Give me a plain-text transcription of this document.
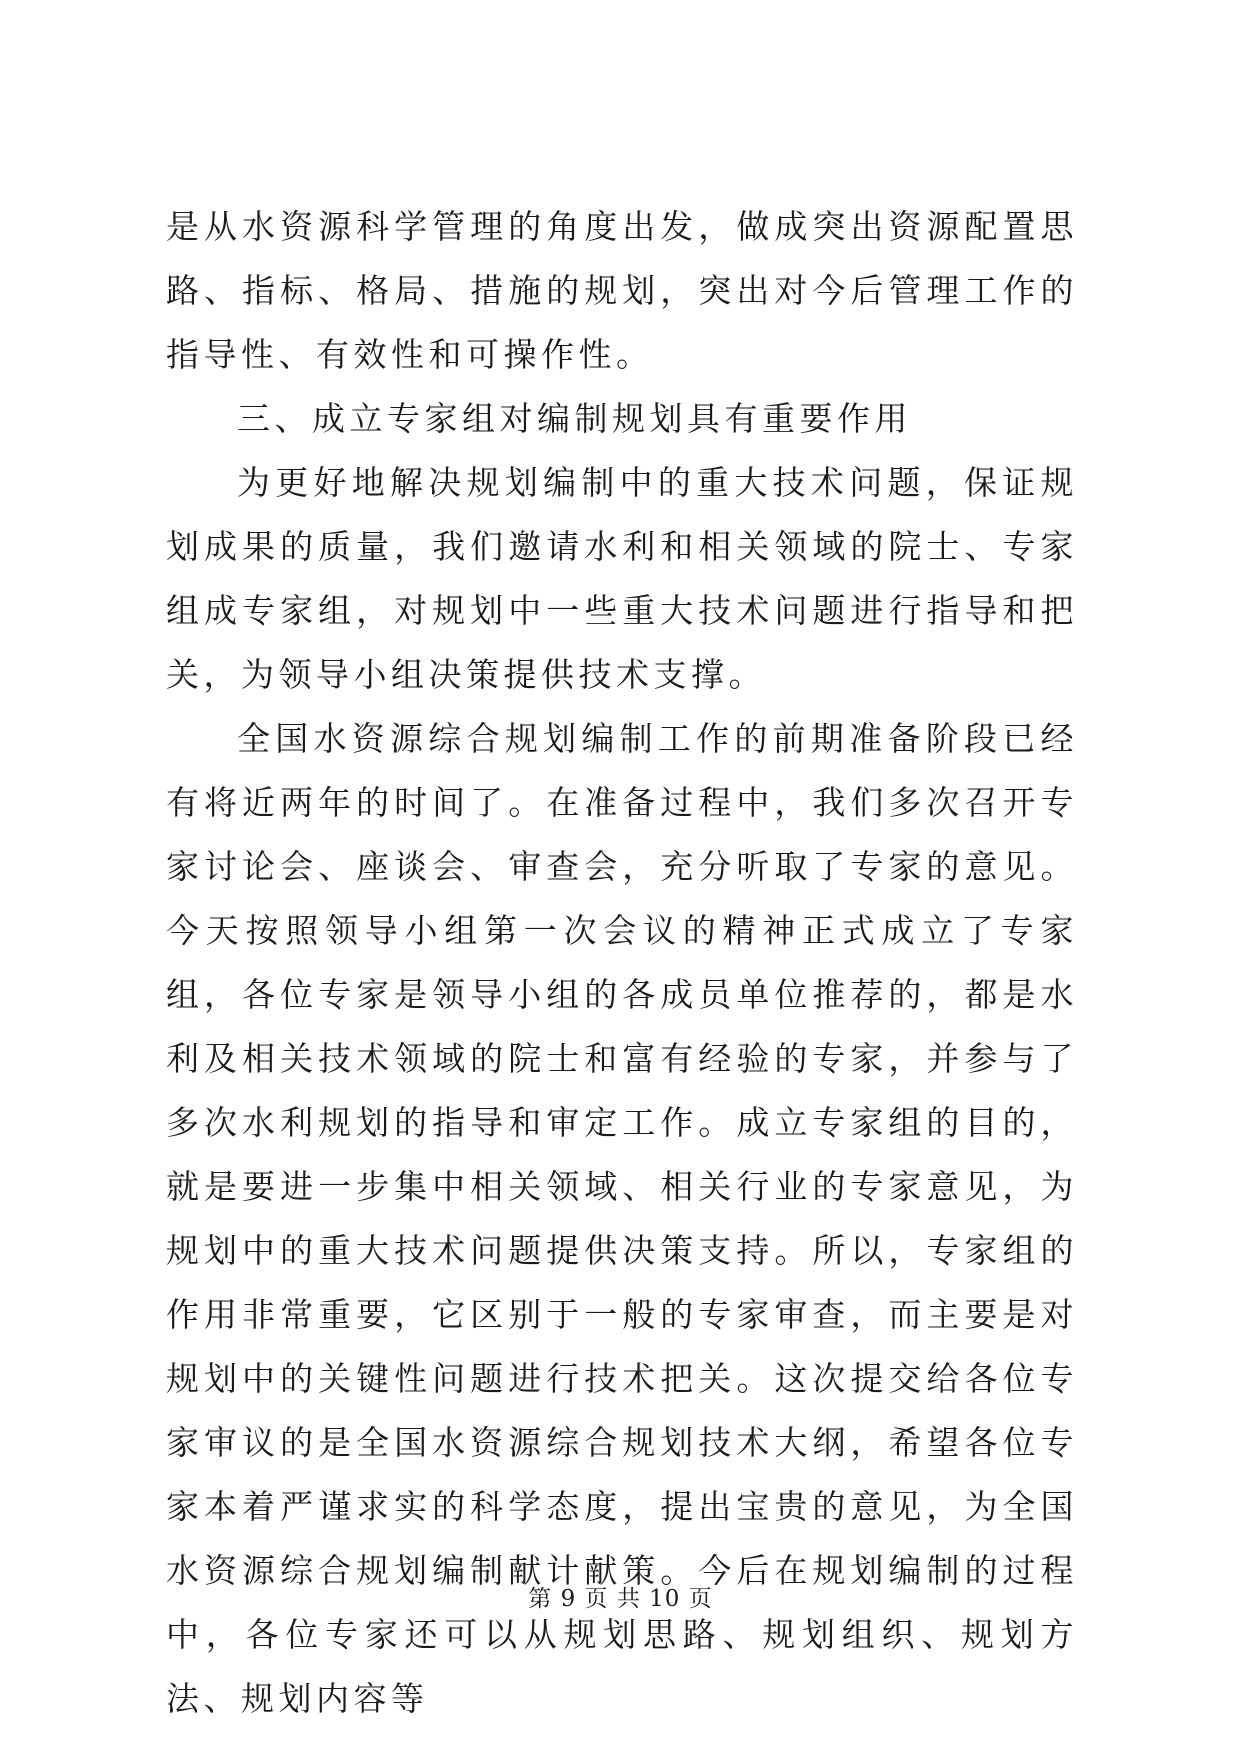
是从水资源科学管理的角度出发，做成突出资源配置思路、指标、格局、措施的规划，突出对今后管理工作的指导性、有效性和可操作性。

三、成立专家组对编制规划具有重要作用

为更好地解决规划编制中的重大技术问题，保证规划成果的质量，我们邀请水利和相关领域的院士、专家组成专家组，对规划中一些重大技术问题进行指导和把关，为领导小组决策提供技术支撑。

全国水资源综合规划编制工作的前期准备阶段已经有将近两年的时间了。在准备过程中，我们多次召开专家讨论会、座谈会、审查会，充分听取了专家的意见。今天按照领导小组第一次会议的精神正式成立了专家组，各位专家是领导小组的各成员单位推荐的，都是水利及相关技术领域的院士和富有经验的专家，并参与了多次水利规划的指导和审定工作。成立专家组的目的，就是要进一步集中相关领域、相关行业的专家意见，为规划中的重大技术问题提供决策支持。所以，专家组的作用非常重要，它区别于一般的专家审查，而主要是对规划中的关键性问题进行技术把关。这次提交给各位专家审议的是全国水资源综合规划技术大纲，希望各位专家本着严谨求实的科学态度，提出宝贵的意见，为全国水资源综合规划编制献计献策。今后在规划编制的过程中，各位专家还可以从规划思路、规划组织、规划方法、规划内容等

第 9 页 共 10 页
